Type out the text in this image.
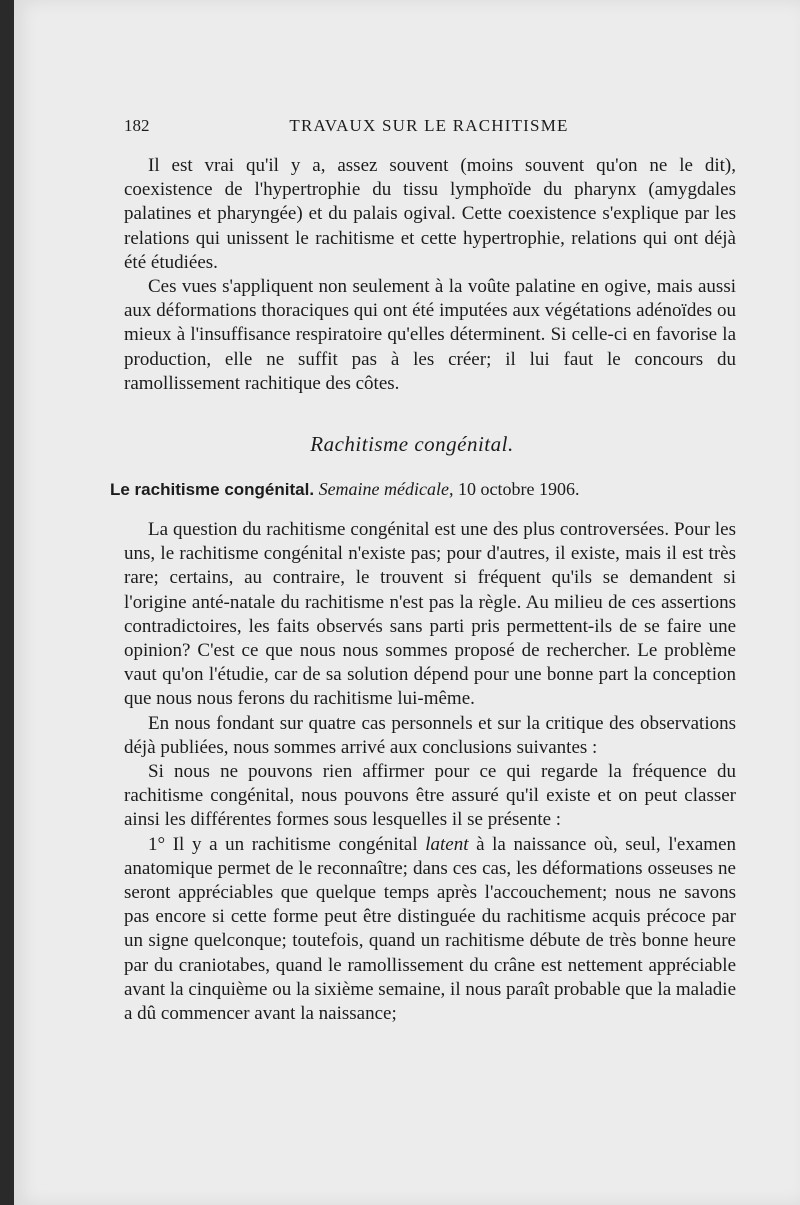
182	TRAVAUX SUR LE RACHITISME

Il est vrai qu'il y a, assez souvent (moins souvent qu'on ne le dit), coexistence de l'hypertrophie du tissu lymphoïde du pharynx (amygdales palatines et pharyngée) et du palais ogival. Cette coexistence s'explique par les relations qui unissent le rachitisme et cette hypertrophie, relations qui ont déjà été étudiées.

Ces vues s'appliquent non seulement à la voûte palatine en ogive, mais aussi aux déformations thoraciques qui ont été imputées aux végétations adénoïdes ou mieux à l'insuffisance respiratoire qu'elles déterminent. Si celle-ci en favorise la production, elle ne suffit pas à les créer; il lui faut le concours du ramollissement rachitique des côtes.

Rachitisme congénital.
Le rachitisme congénital. Semaine médicale, 10 octobre 1906.

La question du rachitisme congénital est une des plus controversées. Pour les uns, le rachitisme congénital n'existe pas; pour d'autres, il existe, mais il est très rare; certains, au contraire, le trouvent si fréquent qu'ils se demandent si l'origine anté-natale du rachitisme n'est pas la règle. Au milieu de ces assertions contradictoires, les faits observés sans parti pris permettent-ils de se faire une opinion? C'est ce que nous nous sommes proposé de rechercher. Le problème vaut qu'on l'étudie, car de sa solution dépend pour une bonne part la conception que nous nous ferons du rachitisme lui-même.

En nous fondant sur quatre cas personnels et sur la critique des observations déjà publiées, nous sommes arrivé aux conclusions suivantes :

Si nous ne pouvons rien affirmer pour ce qui regarde la fréquence du rachitisme congénital, nous pouvons être assuré qu'il existe et on peut classer ainsi les différentes formes sous lesquelles il se présente :

1° Il y a un rachitisme congénital latent à la naissance où, seul, l'examen anatomique permet de le reconnaître; dans ces cas, les déformations osseuses ne seront appréciables que quelque temps après l'accouchement; nous ne savons pas encore si cette forme peut être distinguée du rachitisme acquis précoce par un signe quelconque; toutefois, quand un rachitisme débute de très bonne heure par du craniotabes, quand le ramollissement du crâne est nettement appréciable avant la cinquième ou la sixième semaine, il nous paraît probable que la maladie a dû commencer avant la naissance;
